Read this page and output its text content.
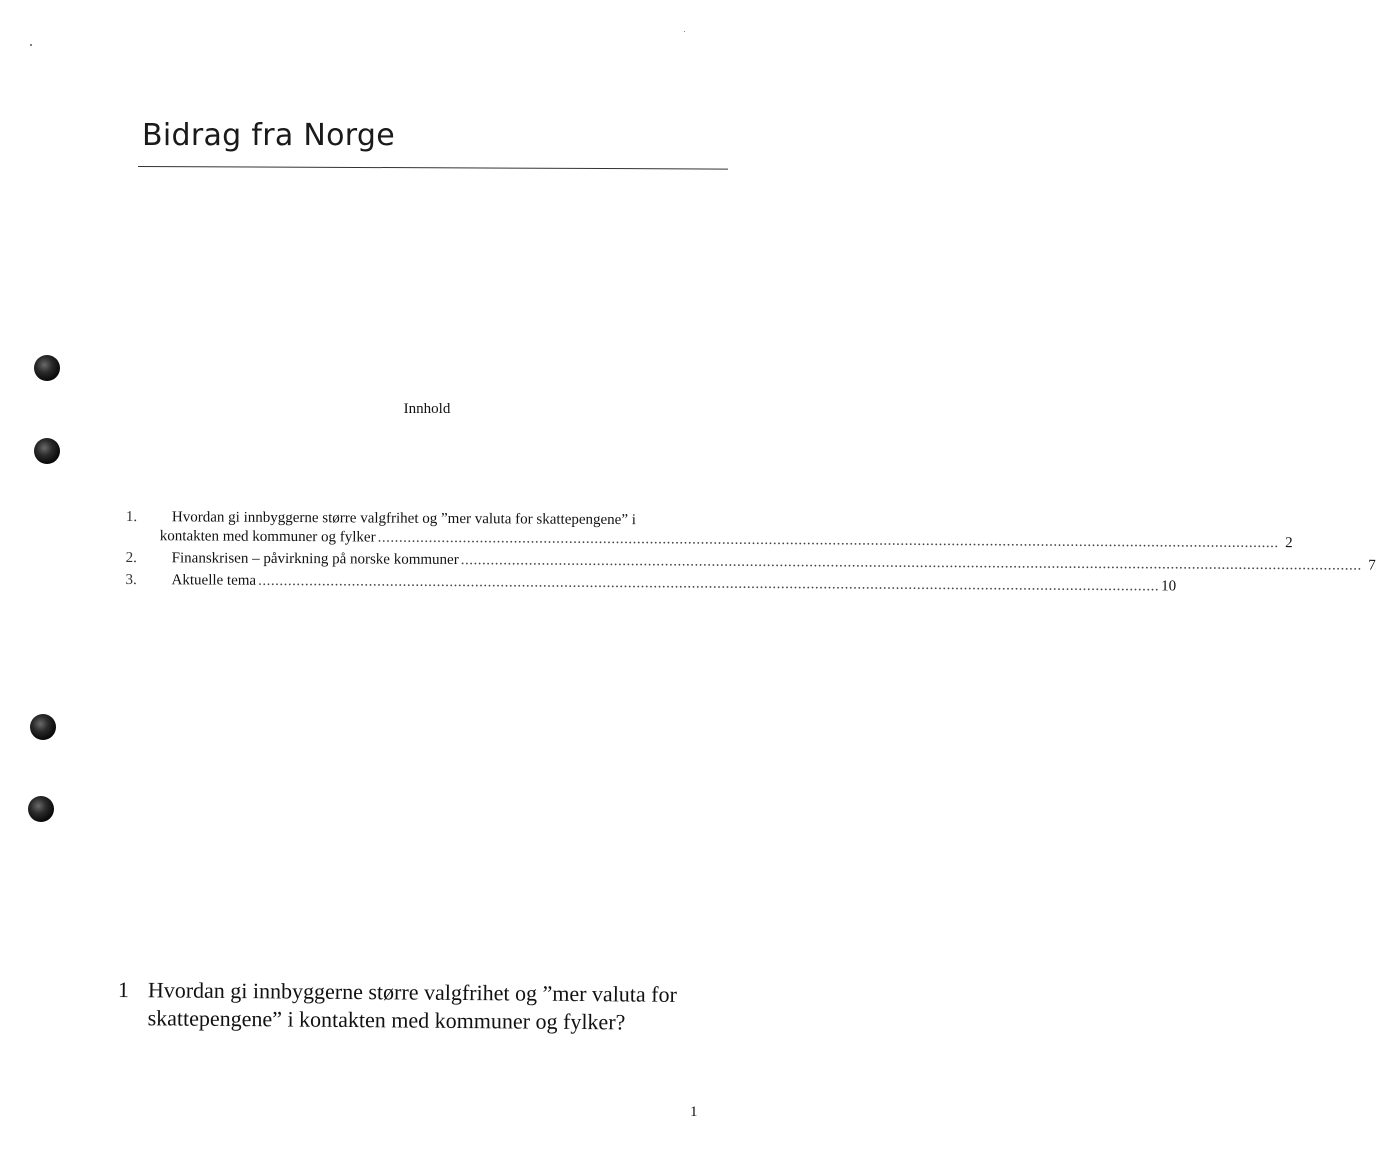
Bidrag fra Norge
Innhold
1.	Hvordan gi innbyggerne større valgfrihet og ”mer valuta for skattepengene” i
kontakten med kommuner og fylker .....	2
2.	Finanskrisen – påvirkning på norske kommuner .....	7
3.	Aktuelle tema .....	10
1 Hvordan gi innbyggerne større valgfrihet og ”mer valuta for skattepengene” i kontakten med kommuner og fylker?

1
